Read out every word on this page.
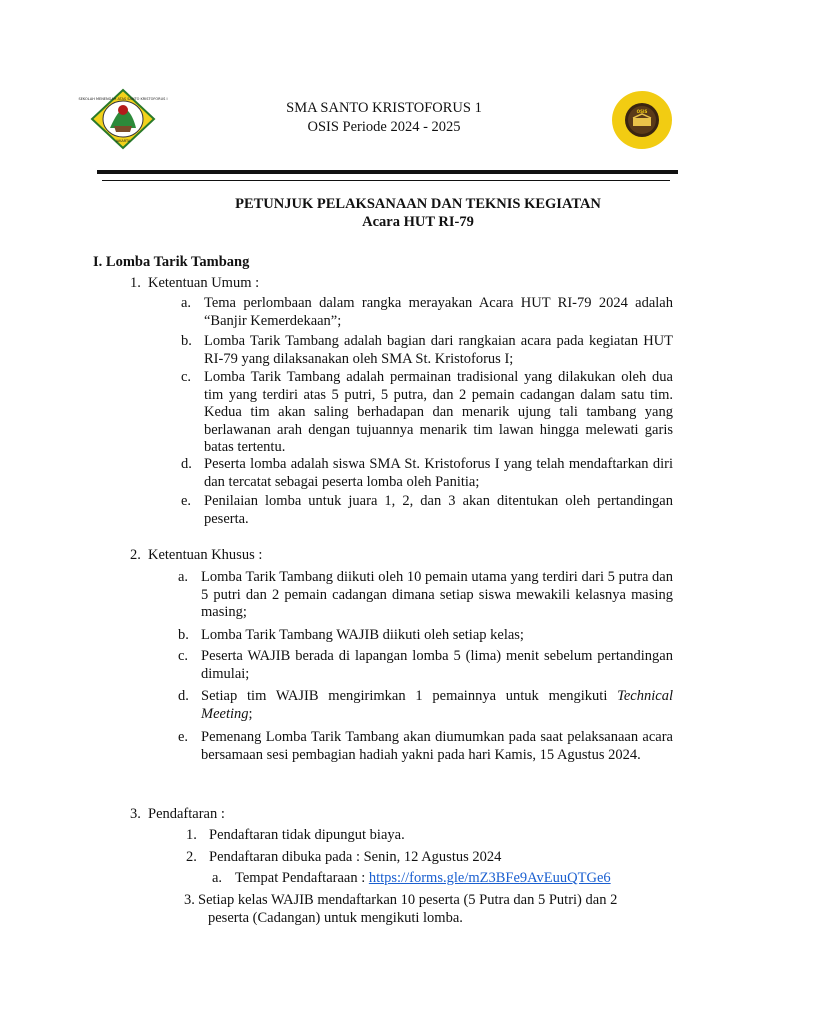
SEKOLAH MENENGAH ATAS SANTO KRISTOFORUS I
JAKARTA
OSIS
SMA SANTO KRISTOFORUS 1
OSIS Periode 2024 - 2025
PETUNJUK PELAKSANAAN DAN TEKNIS KEGIATAN
Acara HUT RI-79
I. Lomba Tarik Tambang
1. Ketentuan Umum :
a. Tema perlombaan dalam rangka merayakan Acara HUT RI-79 2024 adalah “Banjir Kemerdekaan”;
b. Lomba Tarik Tambang adalah bagian dari rangkaian acara pada kegiatan HUT RI-79 yang dilaksanakan oleh SMA St. Kristoforus I;
c. Lomba Tarik Tambang adalah permainan tradisional yang dilakukan oleh dua tim yang terdiri atas 5 putri, 5 putra, dan 2 pemain cadangan dalam satu tim. Kedua tim akan saling berhadapan dan menarik ujung tali tambang yang berlawanan arah dengan tujuannya menarik tim lawan hingga melewati garis batas tertentu.
d. Peserta lomba adalah siswa SMA St. Kristoforus I yang telah mendaftarkan diri dan tercatat sebagai peserta lomba oleh Panitia;
e. Penilaian lomba untuk juara 1, 2, dan 3 akan ditentukan oleh pertandingan peserta.
2. Ketentuan Khusus :
a. Lomba Tarik Tambang diikuti oleh 10 pemain utama yang terdiri dari 5 putra dan 5 putri dan 2 pemain cadangan dimana setiap siswa mewakili kelasnya masing masing;
b. Lomba Tarik Tambang WAJIB diikuti oleh setiap kelas;
c. Peserta WAJIB berada di lapangan lomba 5 (lima) menit sebelum pertandingan dimulai;
d. Setiap tim WAJIB mengirimkan 1 pemainnya untuk mengikuti Technical Meeting;
e. Pemenang Lomba Tarik Tambang akan diumumkan pada saat pelaksanaan acara bersamaan sesi pembagian hadiah yakni pada hari Kamis, 15 Agustus 2024.
3. Pendaftaran :
1. Pendaftaran tidak dipungut biaya.
2. Pendaftaran dibuka pada : Senin, 12 Agustus 2024
a. Tempat Pendaftaraan : https://forms.gle/mZ3BFe9AvEuuQTGe6
3. Setiap kelas WAJIB mendaftarkan 10 peserta (5 Putra dan 5 Putri) dan 2 peserta (Cadangan) untuk mengikuti lomba.
